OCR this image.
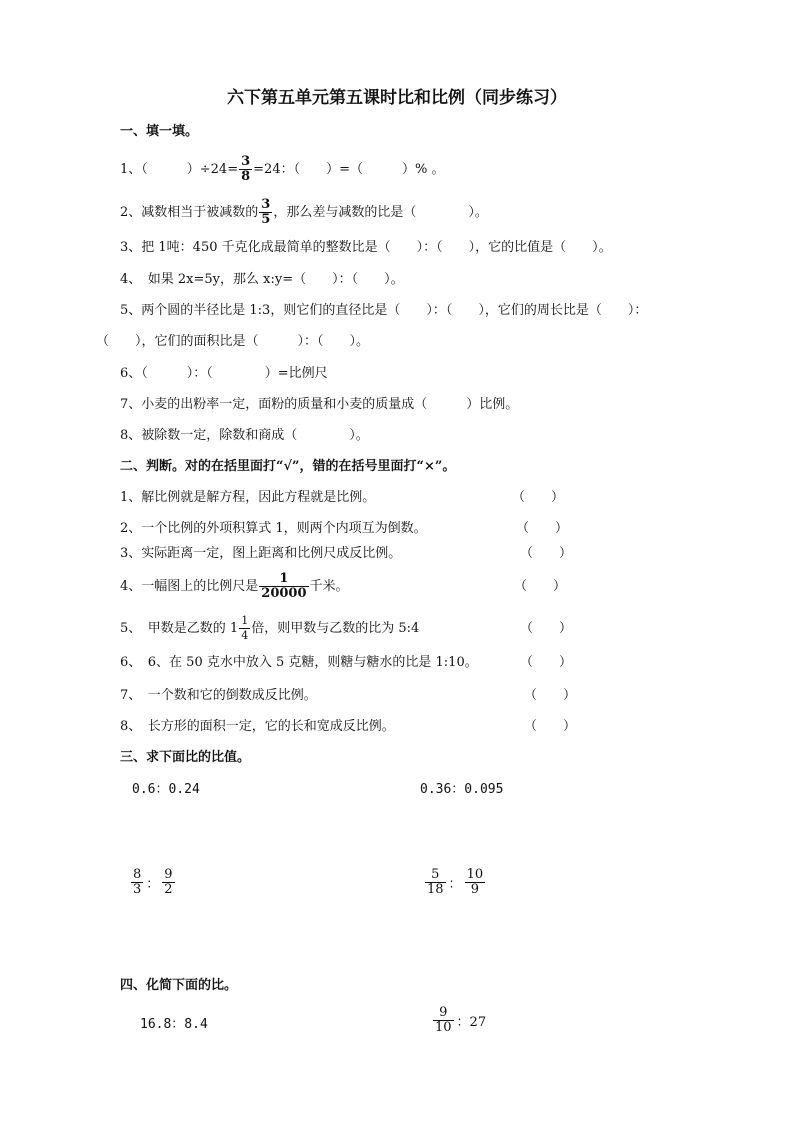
六下第五单元第五课时比和比例（同步练习）
一、填一填。
1、（　　　）$\div 24= \frac{3}{8} =24$：（　　）=（　　　）% 。
2、减数相当于被减数的 $\frac{3}{5}$ ，那么差与减数的比是（　　　　）。
3、把 1吨：450 千克化成最简单的整数比是（　　）：（　　），它的比值是（　　）。
4、　如果 2x=5y，那么 x:y=（　　）：（　　）。
5、两个圆的半径比是 1:3，则它们的直径比是（　　）：（　　），它们的周长比是（　　）：
（　　），它们的面积比是（　　　）：（　　）。
6、（　　　）：（　　　　）=比例尺
7、小麦的出粉率一定，面粉的质量和小麦的质量成（　　　）比例。
8、被除数一定，除数和商成（　　　　）。
二、判断。对的在括里面打“√”，错的在括号里面打“×”。
1、解比例就是解方程，因此方程就是比例。	（　　）
2、一个比例的外项积算式 1，则两个内项互为倒数。	（　　）
3、实际距离一定，图上距离和比例尺成反比例。	（　　）
4、一幅图上的比例尺是 $\frac{1}{20000}$ 千米。	（　　）
5、　甲数是乙数的 $1 \frac{1}{4}$ 倍，则甲数与乙数的比为 5:4	（　　）
6、　6、在 50 克水中放入 5 克糖，则糖与糖水的比是 1:10。	（　　）
7、　一个数和它的倒数成反比例。	（　　）
8、　长方形的面积一定，它的长和宽成反比例。	（　　）
三、求下面比的比值。
0.6：0.24	0.36：0.095
$\frac{8}{3}$ ： $\frac{9}{2}$	$\frac{5}{18}$ ： $\frac{10}{9}$
四、化简下面的比。
16.8：8.4	$\frac{9}{10}$ ：27
